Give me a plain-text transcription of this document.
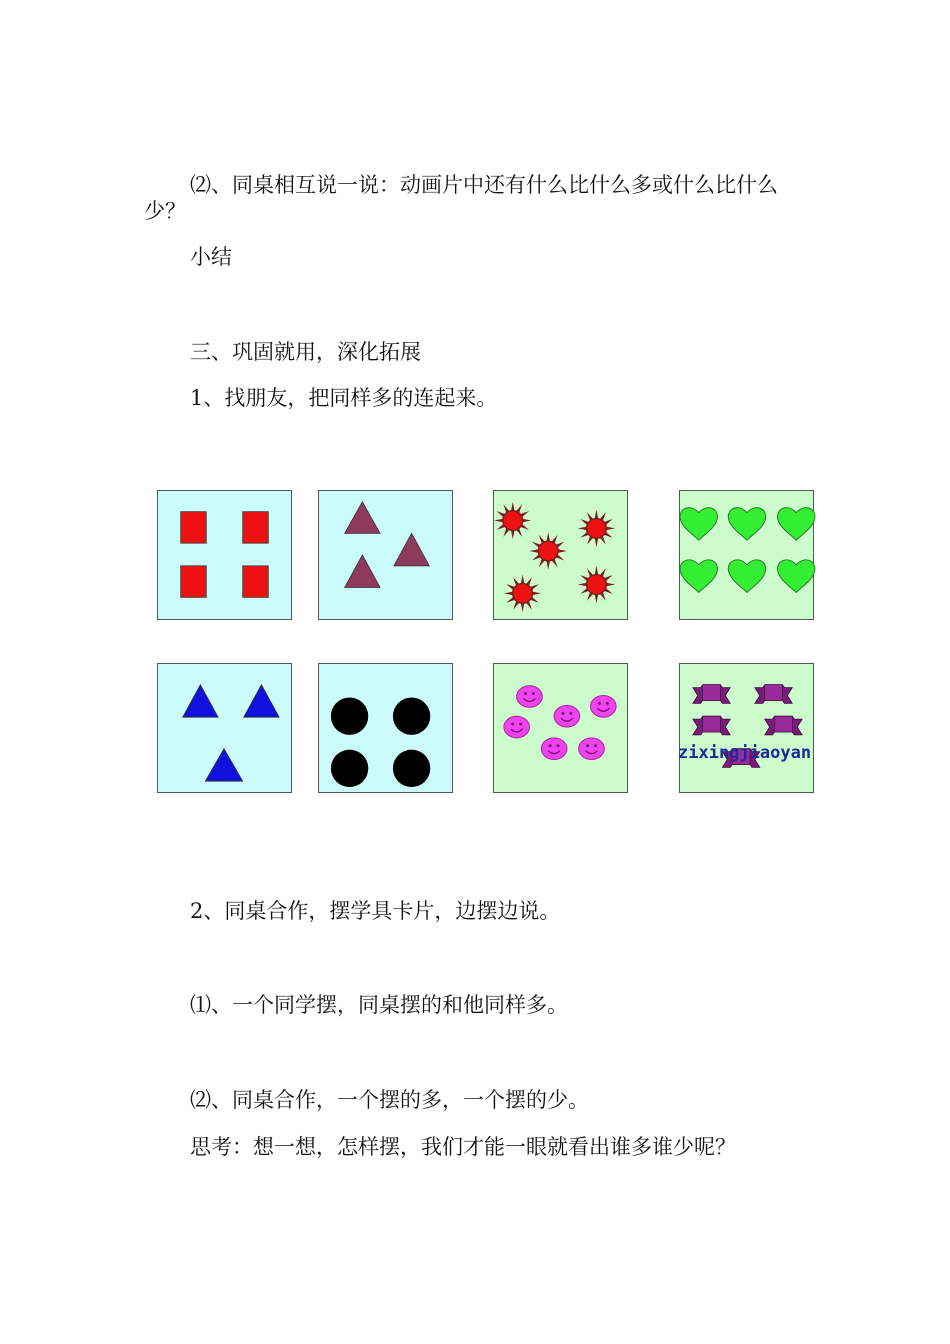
⑵、同桌相互说一说：动画片中还有什么比什么多或什么比什么
少？
小结
三、巩固就用，深化拓展
1、找朋友，把同样多的连起来。
zixingjiaoyan
2、同桌合作，摆学具卡片，边摆边说。
⑴、一个同学摆，同桌摆的和他同样多。
⑵、同桌合作，一个摆的多，一个摆的少。
思考：想一想，怎样摆，我们才能一眼就看出谁多谁少呢？
